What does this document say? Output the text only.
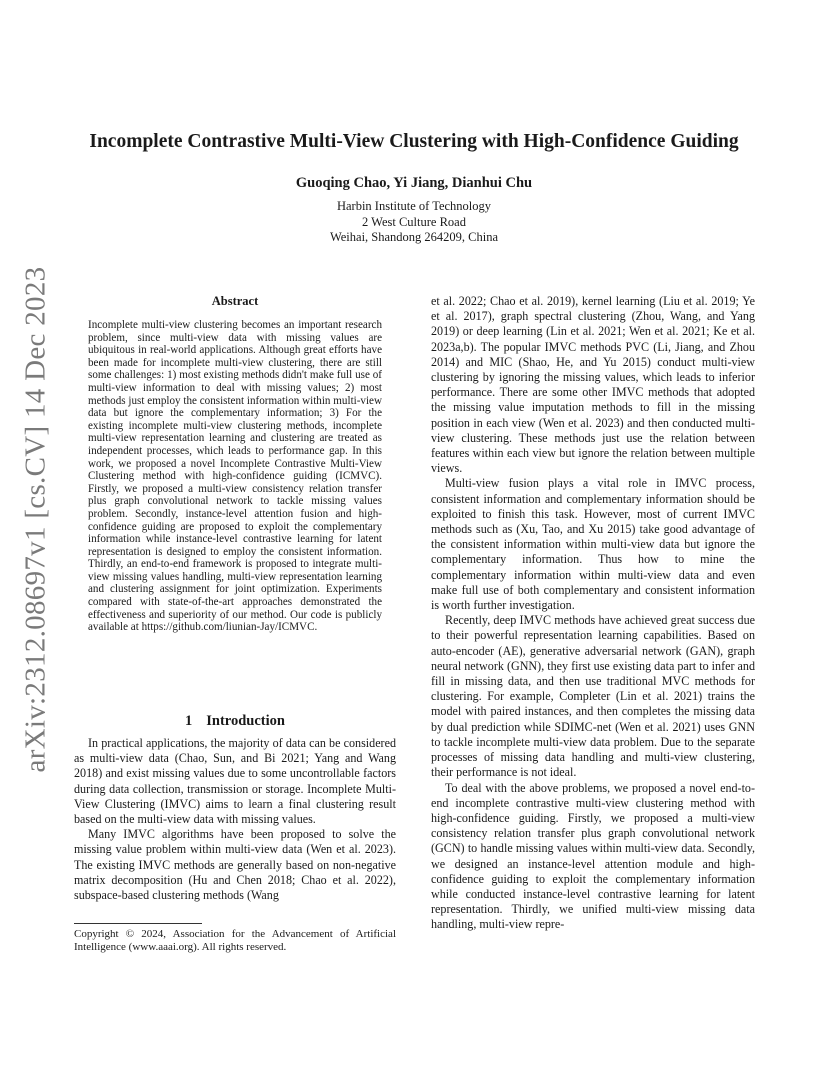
arXiv:2312.08697v1 [cs.CV] 14 Dec 2023
Incomplete Contrastive Multi-View Clustering with High-Confidence Guiding
Guoqing Chao, Yi Jiang, Dianhui Chu
Harbin Institute of Technology
2 West Culture Road
Weihai, Shandong 264209, China
Abstract

Incomplete multi-view clustering becomes an important research problem, since multi-view data with missing values are ubiquitous in real-world applications. Although great efforts have been made for incomplete multi-view clustering, there are still some challenges: 1) most existing methods didn't make full use of multi-view information to deal with missing values; 2) most methods just employ the consistent information within multi-view data but ignore the complementary information; 3) For the existing incomplete multi-view clustering methods, incomplete multi-view representation learning and clustering are treated as independent processes, which leads to performance gap. In this work, we proposed a novel Incomplete Contrastive Multi-View Clustering method with high-confidence guiding (ICMVC). Firstly, we proposed a multi-view consistency relation transfer plus graph convolutional network to tackle missing values problem. Secondly, instance-level attention fusion and high-confidence guiding are proposed to exploit the complementary information while instance-level contrastive learning for latent representation is designed to employ the consistent information. Thirdly, an end-to-end framework is proposed to integrate multi-view missing values handling, multi-view representation learning and clustering assignment for joint optimization. Experiments compared with state-of-the-art approaches demonstrated the effectiveness and superiority of our method. Our code is publicly available at https://github.com/liunian-Jay/ICMVC.

1 Introduction

In practical applications, the majority of data can be considered as multi-view data (Chao, Sun, and Bi 2021; Yang and Wang 2018) and exist missing values due to some uncontrollable factors during data collection, transmission or storage. Incomplete Multi-View Clustering (IMVC) aims to learn a final clustering result based on the multi-view data with missing values.

Many IMVC algorithms have been proposed to solve the missing value problem within multi-view data (Wen et al. 2023). The existing IMVC methods are generally based on non-negative matrix decomposition (Hu and Chen 2018; Chao et al. 2022), subspace-based clustering methods (Wang

Copyright © 2024, Association for the Advancement of Artificial Intelligence (www.aaai.org). All rights reserved.

et al. 2022; Chao et al. 2019), kernel learning (Liu et al. 2019; Ye et al. 2017), graph spectral clustering (Zhou, Wang, and Yang 2019) or deep learning (Lin et al. 2021; Wen et al. 2021; Ke et al. 2023a,b). The popular IMVC methods PVC (Li, Jiang, and Zhou 2014) and MIC (Shao, He, and Yu 2015) conduct multi-view clustering by ignoring the missing values, which leads to inferior performance. There are some other IMVC methods that adopted the missing value imputation methods to fill in the missing position in each view (Wen et al. 2023) and then conducted multi-view clustering. These methods just use the relation between features within each view but ignore the relation between multiple views.

Multi-view fusion plays a vital role in IMVC process, consistent information and complementary information should be exploited to finish this task. However, most of current IMVC methods such as (Xu, Tao, and Xu 2015) take good advantage of the consistent information within multi-view data but ignore the complementary information. Thus how to mine the complementary information within multi-view data and even make full use of both complementary and consistent information is worth further investigation.

Recently, deep IMVC methods have achieved great success due to their powerful representation learning capabilities. Based on auto-encoder (AE), generative adversarial network (GAN), graph neural network (GNN), they first use existing data part to infer and fill in missing data, and then use traditional MVC methods for clustering. For example, Completer (Lin et al. 2021) trains the model with paired instances, and then completes the missing data by dual prediction while SDIMC-net (Wen et al. 2021) uses GNN to tackle incomplete multi-view data problem. Due to the separate processes of missing data handling and multi-view clustering, their performance is not ideal.

To deal with the above problems, we proposed a novel end-to-end incomplete contrastive multi-view clustering method with high-confidence guiding. Firstly, we proposed a multi-view consistency relation transfer plus graph convolutional network (GCN) to handle missing values within multi-view data. Secondly, we designed an instance-level attention module and high-confidence guiding to exploit the complementary information while conducted instance-level contrastive learning for latent representation. Thirdly, we unified multi-view missing data handling, multi-view repre-
